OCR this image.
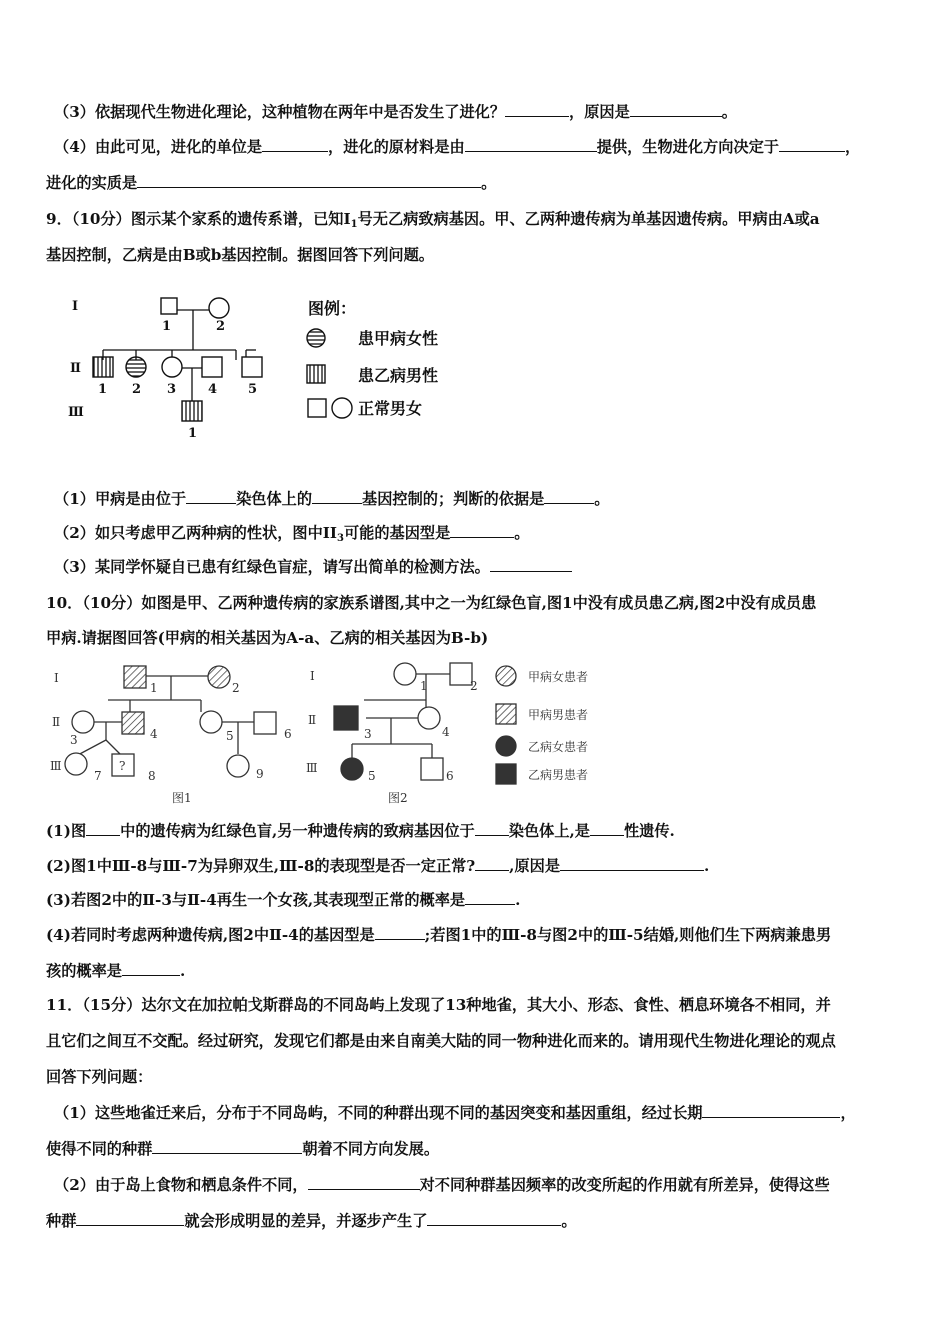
（3）依据现代生物进化理论，这种植物在两年中是否发生了进化？	，原因是	。
（4）由此可见，进化的单位是	，进化的原材料是由	提供，生物进化方向决定于	，
进化的实质是	。
9．（10分）图示某个家系的遗传系谱，已知$Ⅰ_1$号无乙病致病基因。甲、乙两种遗传病为单基因遗传病。甲病由A或a
基因控制，乙病是由B或b基因控制。据图回答下列问题。
Ⅰ
Ⅱ
Ⅲ
1	2
1 2 3 4 5
1
图例：
患甲病女性
患乙病男性
正常男女
（1）甲病是由位于	染色体上的	基因控制的；判断的依据是	。
（2）如只考虑甲乙两种病的性状，图中$II_3$可能的基因型是	。
（3）某同学怀疑自已患有红绿色盲症，请写出简单的检测方法。
10．（10分）如图是甲、乙两种遗传病的家族系谱图,其中之一为红绿色盲,图1中没有成员患乙病,图2中没有成员患
甲病.请据图回答(甲病的相关基因为A-a、乙病的相关基因为B-b)
Ⅰ
Ⅱ
Ⅲ
1	2
3	4	5	6
7
?
8	9
图1
Ⅰ
Ⅱ
Ⅲ
1	2
3	4
5	6
图2
甲病女患者
甲病男患者
乙病女患者
乙病男患者
(1)图 中的遗传病为红绿色盲,另一种遗传病的致病基因位于 染色体上,是 性遗传.
(2)图1中Ⅲ-8与Ⅲ-7为异卵双生,Ⅲ-8的表现型是否一定正常? ,原因是	.
(3)若图2中的Ⅱ-3与Ⅱ-4再生一个女孩,其表现型正常的概率是	.
(4)若同时考虑两种遗传病,图2中Ⅱ-4的基因型是	;若图1中的Ⅲ-8与图2中的Ⅲ-5结婚,则他们生下两病兼患男
孩的概率是	.
11．（15分）达尔文在加拉帕戈斯群岛的不同岛屿上发现了13种地雀，其大小、形态、食性、栖息环境各不相同，并
且它们之间互不交配。经过研究，发现它们都是由来自南美大陆的同一物种进化而来的。请用现代生物进化理论的观点
回答下列问题：
（1）这些地雀迁来后，分布于不同岛屿，不同的种群出现不同的基因突变和基因重组，经过长期	，
使得不同的种群	朝着不同方向发展。
（2）由于岛上食物和栖息条件不同，	对不同种群基因频率的改变所起的作用就有所差异，使得这些
种群	就会形成明显的差异，并逐步产生了	。
